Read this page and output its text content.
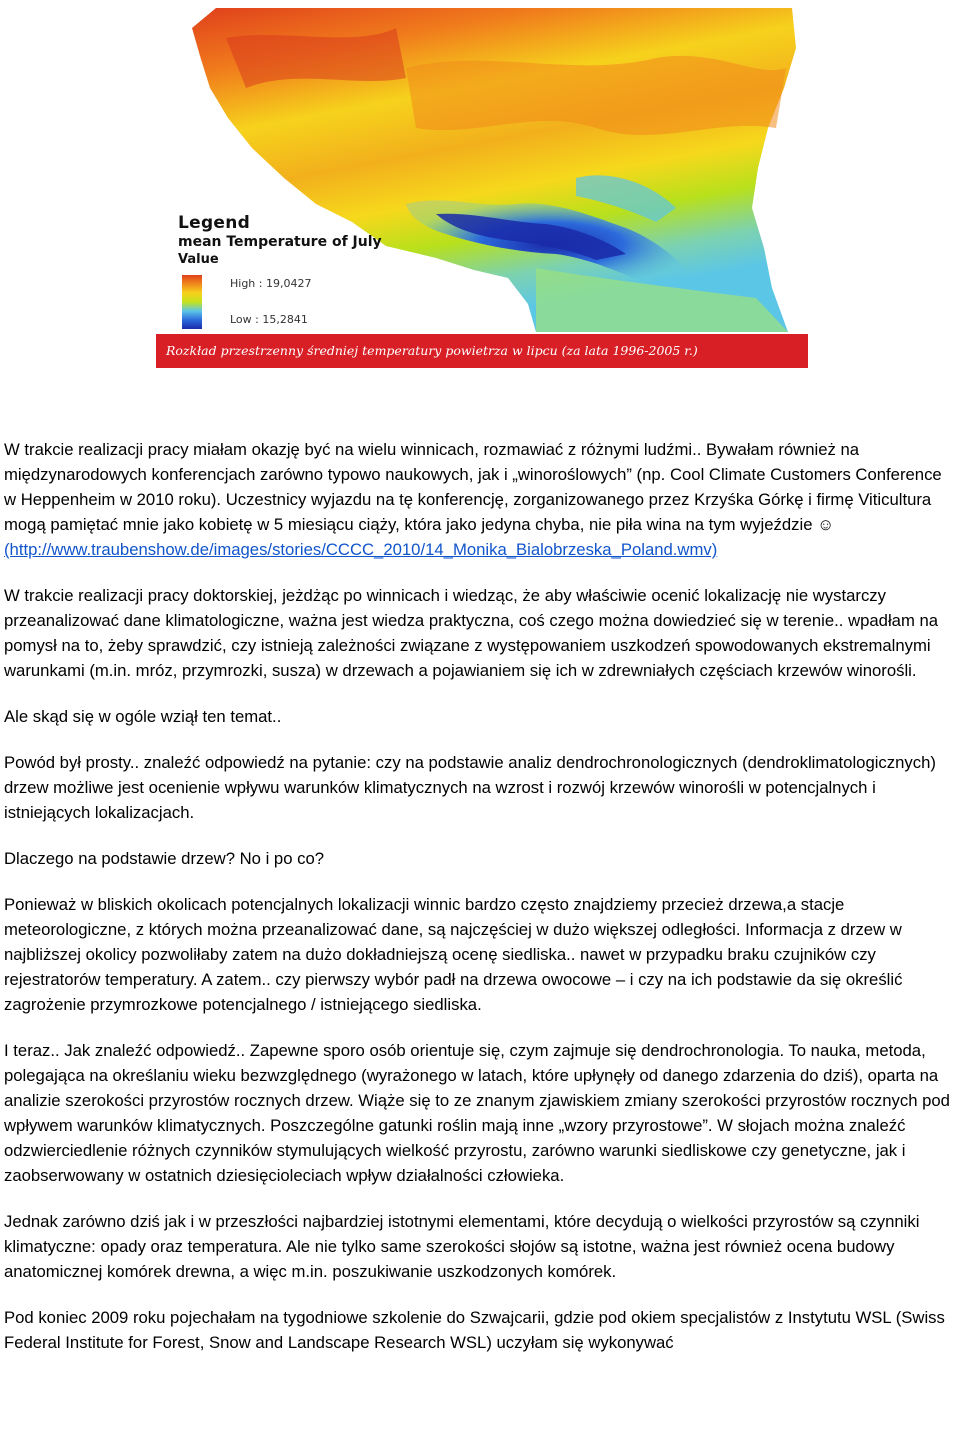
Legend
mean Temperature of July
Value
High : 19,0427
Low : 15,2841
Rozkład przestrzenny średniej temperatury powietrza w lipcu (za lata 1996-2005 r.)

W trakcie realizacji pracy miałam okazję być na wielu winnicach, rozmawiać z różnymi ludźmi.. Bywałam również na międzynarodowych konferencjach zarówno typowo naukowych, jak i „winoroślowych” (np. Cool Climate Customers Conference w Heppenheim w 2010 roku). Uczestnicy wyjazdu na tę konferencję, zorganizowanego przez Krzyśka Górkę i firmę Viticultura mogą pamiętać mnie jako kobietę w 5 miesiącu ciąży, która jako jedyna chyba, nie piła wina na tym wyjeździe ☺ (http://www.traubenshow.de/images/stories/CCCC_2010/14_Monika_Bialobrzeska_Poland.wmv)

W trakcie realizacji pracy doktorskiej, jeżdżąc po winnicach i wiedząc, że aby właściwie ocenić lokalizację nie wystarczy przeanalizować dane klimatologiczne, ważna jest wiedza praktyczna, coś czego można dowiedzieć się w terenie.. wpadłam na pomysł na to, żeby sprawdzić, czy istnieją zależności związane z występowaniem uszkodzeń spowodowanych ekstremalnymi warunkami (m.in. mróz, przymrozki, susza) w drzewach a pojawianiem się ich w zdrewniałych częściach krzewów winorośli.

Ale skąd się w ogóle wziął ten temat..

Powód był prosty.. znaleźć odpowiedź na pytanie: czy na podstawie analiz dendrochronologicznych (dendroklimatologicznych) drzew możliwe jest ocenienie wpływu warunków klimatycznych na wzrost i rozwój krzewów winorośli w potencjalnych i istniejących lokalizacjach.

Dlaczego na podstawie drzew? No i po co?

Ponieważ w bliskich okolicach potencjalnych lokalizacji winnic bardzo często znajdziemy przecież drzewa,a stacje meteorologiczne, z których można przeanalizować dane, są najczęściej w dużo większej odległości. Informacja z drzew w najbliższej okolicy pozwoliłaby zatem na dużo dokładniejszą ocenę siedliska.. nawet w przypadku braku czujników czy rejestratorów temperatury. A zatem.. czy pierwszy wybór padł na drzewa owocowe – i czy na ich podstawie da się określić zagrożenie przymrozkowe potencjalnego / istniejącego siedliska.

I teraz.. Jak znaleźć odpowiedź.. Zapewne sporo osób orientuje się, czym zajmuje się dendrochronologia. To nauka, metoda, polegająca na określaniu wieku bezwzględnego (wyrażonego w latach, które upłynęły od danego zdarzenia do dziś), oparta na analizie szerokości przyrostów rocznych drzew. Wiąże się to ze znanym zjawiskiem zmiany szerokości przyrostów rocznych pod wpływem warunków klimatycznych. Poszczególne gatunki roślin mają inne „wzory przyrostowe”. W słojach można znaleźć odzwierciedlenie różnych czynników stymulujących wielkość przyrostu, zarówno warunki siedliskowe czy genetyczne, jak i zaobserwowany w ostatnich dziesięcioleciach wpływ działalności człowieka.

Jednak zarówno dziś jak i w przeszłości najbardziej istotnymi elementami, które decydują o wielkości przyrostów są czynniki klimatyczne: opady oraz temperatura. Ale nie tylko same szerokości słojów są istotne, ważna jest również ocena budowy anatomicznej komórek drewna, a więc m.in. poszukiwanie uszkodzonych komórek.

Pod koniec 2009 roku pojechałam na tygodniowe szkolenie do Szwajcarii, gdzie pod okiem specjalistów z Instytutu WSL (Swiss Federal Institute for Forest, Snow and Landscape Research WSL) uczyłam się wykonywać
